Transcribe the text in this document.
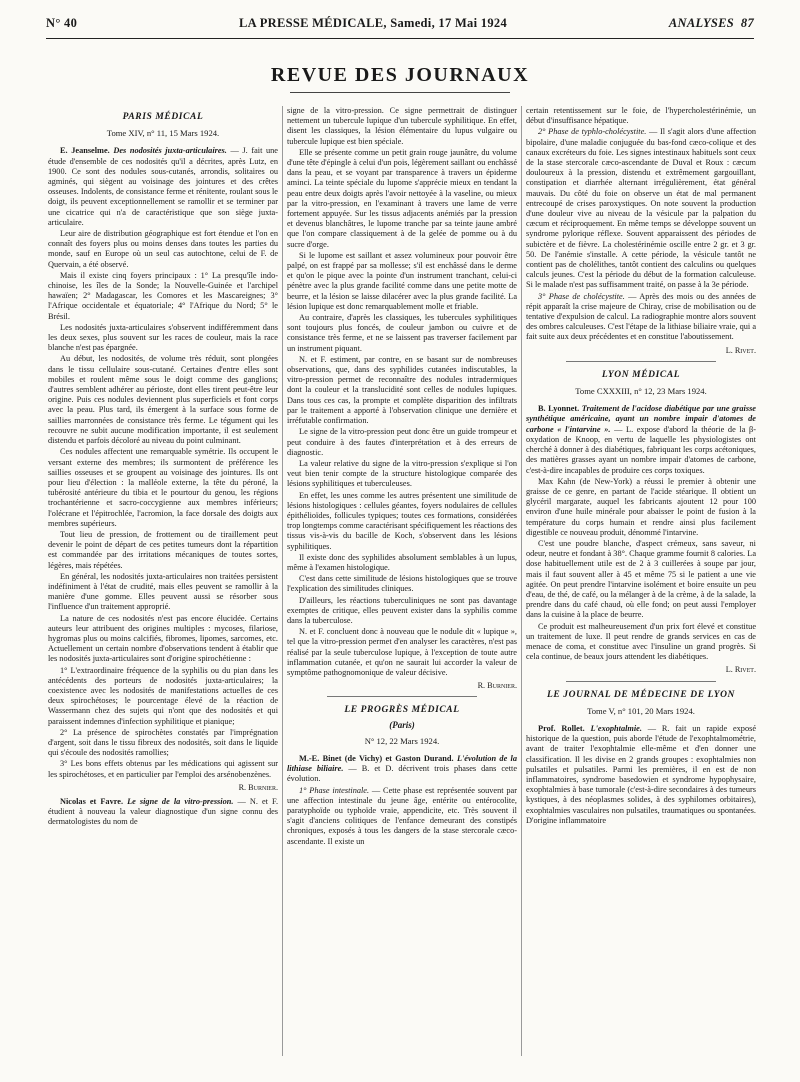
N° 40	LA PRESSE MÉDICALE, Samedi, 17 Mai 1924	ANALYSES 87
REVUE DES JOURNAUX
PARIS MÉDICAL
Tome XIV, n° 11, 15 Mars 1924.

E. Jeanselme. Des nodosités juxta-articulaires. — J. fait une étude d'ensemble de ces nodosités qu'il a décrites, après Lutz, en 1900. Ce sont des nodules sous-cutanés, arrondis, solitaires ou agminés, qui siègent au voisinage des jointures et des crêtes osseuses. Indolents, de consistance ferme et rénitente, roulant sous le doigt, ils peuvent exceptionnellement se ramollir et se terminer par une cicatrice qui n'a de caractéristique que son siège juxta-articulaire.

Leur aire de distribution géographique est fort étendue et l'on en connaît des foyers plus ou moins denses dans toutes les parties du monde, sauf en Europe où un seul cas autochtone, celui de F. de Quervain, a été observé.

Mais il existe cinq foyers principaux : 1° La presqu'île indo-chinoise, les îles de la Sonde; la Nouvelle-Guinée et l'archipel hawaïen; 2° Madagascar, les Comores et les Mascareignes; 3° l'Afrique occidentale et équatoriale; 4° l'Afrique du Nord; 5° le Brésil.

Les nodosités juxta-articulaires s'observent indifféremment dans les deux sexes, plus souvent sur les races de couleur, mais la race blanche n'est pas épargnée.

Au début, les nodosités, de volume très réduit, sont plongées dans le tissu cellulaire sous-cutané. Certaines d'entre elles sont mobiles et roulent même sous le doigt comme des ganglions; d'autres semblent adhérer au périoste, dont elles tirent peut-être leur origine. Puis ces nodules deviennent plus superficiels et font corps avec la peau. Plus tard, ils émergent à la surface sous forme de saillies marronnées de consistance très ferme. Le tégument qui les recouvre ne subit aucune modification importante, il est seulement distendu et parfois décoloré au niveau du point culminant.

Ces nodules affectent une remarquable symétrie. Ils occupent le versant externe des membres; ils surmontent de préférence les saillies osseuses et se groupent au voisinage des jointures. Ils ont pour lieu d'élection : la malléole externe, la tête du péroné, la tubérosité antérieure du tibia et le pourtour du genou, les régions trochantérienne et sacro-coccygienne aux membres inférieurs; l'olécrane et l'épitrochlée, l'acromion, la face dorsale des doigts aux membres supérieurs.

Tout lieu de pression, de frottement ou de tiraillement peut devenir le point de départ de ces petites tumeurs dont la répartition est commandée par des irritations mécaniques de toutes sortes, légères, mais répétées.

En général, les nodosités juxta-articulaires non traitées persistent indéfiniment à l'état de crudité, mais elles peuvent se ramollir à la manière d'une gomme. Elles peuvent aussi se résorber sous l'influence d'un traitement approprié.

La nature de ces nodosités n'est pas encore élucidée. Certains auteurs leur attribuent des origines multiples : mycoses, filariose, hygromas plus ou moins calcifiés, fibromes, lipomes, sarcomes, etc. Actuellement un certain nombre d'observations tendent à établir que les nodosités juxta-articulaires sont d'origine spirochétienne :

1° L'extraordinaire fréquence de la syphilis ou du pian dans les antécédents des porteurs de nodosités juxta-articulaires; la coexistence avec les nodosités de manifestations actuelles de ces deux spirochétoses; le pourcentage élevé de la réaction de Wassermann chez des sujets qui n'ont que des nodosités et qui paraissent indemnes d'infection syphilitique et pianique;

2° La présence de spirochètes constatés par l'imprégnation d'argent, soit dans le tissu fibreux des nodosités, soit dans le liquide qui s'écoule des nodosités ramollies;

3° Les bons effets obtenus par les médications qui agissent sur les spirochétoses, et en particulier par l'emploi des arsénobenzènes.

R. Burnier.

Nicolas et Favre. Le signe de la vitro-pression. — N. et F. étudient à nouveau la valeur diagnostique d'un signe connu des dermatologistes du nom de

signe de la vitro-pression. Ce signe permettrait de distinguer nettement un tubercule lupique d'un tubercule syphilitique. En effet, disent les classiques, la lésion élémentaire du lupus vulgaire ou tubercule lupique est bien spéciale.

Elle se présente comme un petit grain rouge jaunâtre, du volume d'une tête d'épingle à celui d'un pois, légèrement saillant ou enchâssé dans la peau, et se voyant par transparence à travers un épiderme aminci. La teinte spéciale du lupome s'apprécie mieux en tendant la peau entre deux doigts après l'avoir nettoyée à la vaseline, ou mieux par la vitro-pression, en l'examinant à travers une lame de verre fortement appuyée. Sur les tissus adjacents anémiés par la pression et devenus blanchâtres, le lupome tranche par sa teinte jaune ambré que l'on compare classiquement à de la gelée de pomme ou à du sucre d'orge.

Si le lupome est saillant et assez volumineux pour pouvoir être palpé, on est frappé par sa mollesse; s'il est enchâssé dans le derme et qu'on le pique avec la pointe d'un instrument tranchant, celui-ci pénètre avec la plus grande facilité comme dans une petite motte de beurre, et la lésion se laisse dilacérer avec la plus grande facilité. La lésion lupique est donc remarquablement molle et friable.

Au contraire, d'après les classiques, les tubercules syphilitiques sont toujours plus foncés, de couleur jambon ou cuivre et de consistance très ferme, et ne se laissent pas traverser facilement par un instrument piquant.

N. et F. estiment, par contre, en se basant sur de nombreuses observations, que, dans des syphilides cutanées indiscutables, la vitro-pression permet de reconnaître des nodules intradermiques dont la couleur et la translucidité sont celles de nodules lupiques. Dans tous ces cas, la prompte et complète disparition des infiltrats par le traitement a apporté à l'observation clinique une dernière et irréfutable confirmation.

Le signe de la vitro-pression peut donc être un guide trompeur et peut conduire à des fautes d'interprétation et à des erreurs de diagnostic.

La valeur relative du signe de la vitro-pression s'explique si l'on veut bien tenir compte de la structure histologique comparée des lésions syphilitiques et tuberculeuses.

En effet, les unes comme les autres présentent une similitude de lésions histologiques : cellules géantes, foyers nodulaires de cellules épithélioïdes, follicules typiques; toutes ces formations, considérées trop longtemps comme caractérisant spécifiquement les réactions des tissus vis-à-vis du bacille de Koch, s'observent dans les lésions syphilitiques.

Il existe donc des syphilides absolument semblables à un lupus, même à l'examen histologique.

C'est dans cette similitude de lésions histologiques que se trouve l'explication des similitudes cliniques.

D'ailleurs, les réactions tuberculiniques ne sont pas davantage exemptes de critique, elles peuvent exister dans la syphilis comme dans la tuberculose.

N. et F. concluent donc à nouveau que le nodule dit « lupique », tel que la vitro-pression permet d'en analyser les caractères, n'est pas réalisé par la seule tuberculose lupique, à l'exception de toute autre inflammation cutanée, et qu'on ne saurait lui accorder la valeur de symptôme pathognomonique de valeur décisive.

R. Burnier.
LE PROGRÈS MÉDICAL
(Paris)
N° 12, 22 Mars 1924.

M.-E. Binet (de Vichy) et Gaston Durand. L'évolution de la lithiase biliaire. — B. et D. décrivent trois phases dans cette évolution.

1° Phase intestinale. — Cette phase est représentée souvent par une affection intestinale du jeune âge, entérite ou entérocolite, paratyphoïde ou typhoïde vraie, appendicite, etc. Très souvent il s'agit d'anciens colitiques de l'enfance demeurant des constipés chroniques, exposés à tous les dangers de la stase stercorale cæco-ascendante. Il existe un

certain retentissement sur le foie, de l'hypercholestérinémie, un début d'insuffisance hépatique.

2° Phase de typhlo-cholécystite. — Il s'agit alors d'une affection bipolaire, d'une maladie conjuguée du bas-fond cæco-colique et des canaux excréteurs du foie. Les signes intestinaux habituels sont ceux de la stase stercorale cæco-ascendante de Duval et Roux : cæcum douloureux à la pression, distendu et extrêmement gargouillant, constipation et diarrhée alternant irrégulièrement, état général mauvais. Du côté du foie on observe un état de mal permanent entrecoupé de crises paroxystiques. On note souvent la production d'une douleur vive au niveau de la vésicule par la palpation du cæcum et réciproquement. En même temps se développe souvent un syndrome pylorique réflexe. Souvent apparaissent des périodes de subictère et de fièvre. La cholestérinémie oscille entre 2 gr. et 3 gr. 50. De l'anémie s'installe. A cette période, la vésicule tantôt ne contient pas de cholélithes, tantôt contient des calculins ou quelques calculs jeunes. C'est la période du début de la formation calculeuse. Si le malade n'est pas suffisamment traité, on passe à la 3e période.

3° Phase de cholécystite. — Après des mois ou des années de répit apparaît la crise majeure de Chiray, crise de mobilisation ou de tentative d'expulsion de calcul. La radiographie montre alors souvent des ombres calculeuses. C'est l'étape de la lithiase biliaire vraie, qui a fait suite aux deux précédentes et en constitue l'aboutissement.

L. Rivet.
LYON MÉDICAL
Tome CXXXIII, n° 12, 23 Mars 1924.

B. Lyonnet. Traitement de l'acidose diabétique par une graisse synthétique américaine, ayant un nombre impair d'atomes de carbone « l'intarvine ». — L. expose d'abord la théorie de la β-oxydation de Knoop, en vertu de laquelle les physiologistes ont cherché à donner à des diabétiques, fabriquant les corps acétoniques, des matières grasses ayant un nombre impair d'atomes de carbone, c'est-à-dire incapables de produire ces corps toxiques.

Max Kahn (de New-York) a réussi le premier à obtenir une graisse de ce genre, en partant de l'acide stéarique. Il obtient un glycéril margarate, auquel les fabricants ajoutent 12 pour 100 environ d'une huile minérale pour abaisser le point de fusion à la température du corps humain et rendre ainsi plus facilement digestible ce nouveau produit, dénommé l'intarvine.

C'est une poudre blanche, d'aspect crémeux, sans saveur, ni odeur, neutre et fondant à 38°. Chaque gramme fournit 8 calories. La dose habituellement utile est de 2 à 3 cuillerées à soupe par jour, mais il faut souvent aller à 45 et même 75 si le patient a une vie agitée. On peut prendre l'intarvine isolément et boire ensuite un peu d'eau, de thé, de café, ou la mélanger à de la crème, à de la salade, la prendre dans du café chaud, où elle fond; on peut aussi l'employer dans la cuisine à la place de beurre.

Ce produit est malheureusement d'un prix fort élevé et constitue un traitement de luxe. Il peut rendre de grands services en cas de menace de coma, et constitue avec l'insuline un grand progrès. Si cela continue, de beaux jours attendent les diabétiques.

L. Rivet.
LE JOURNAL DE MÉDECINE DE LYON
Tome V, n° 101, 20 Mars 1924.

Prof. Rollet. L'exophtalmie. — R. fait un rapide exposé historique de la question, puis aborde l'étude de l'exophtalmométrie, avant de traiter l'exophtalmie elle-même et d'en donner une classification. Il les divise en 2 grands groupes : exophtalmies non pulsatiles et pulsatiles. Parmi les premières, il en est de non inflammatoires, syndrome basedowien et syndrome hypophysaire, exophtalmies à base tumorale (c'est-à-dire secondaires à des tumeurs kystiques, à des néoplasmes solides, à des syphilomes orbitaires), exophtalmies vasculaires non pulsatiles, traumatiques ou spontanées. D'origine inflammatoire
